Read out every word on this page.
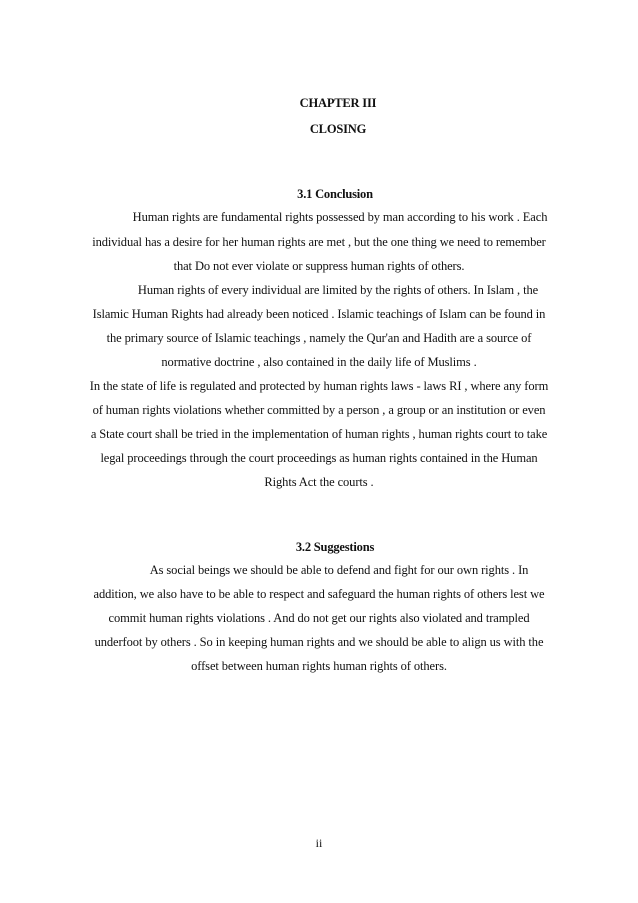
CHAPTER III
CLOSING
3.1 Conclusion
Human rights are fundamental rights possessed by man according to his work . Each
individual has a desire for her human rights are met , but the one thing we need to remember
that Do not ever violate or suppress human rights of others.
Human rights of every individual are limited by the rights of others. In Islam , the
Islamic Human Rights had already been noticed . Islamic teachings of Islam can be found in
the primary source of Islamic teachings , namely the Qur'an and Hadith are a source of
normative doctrine , also contained in the daily life of Muslims .
In the state of life is regulated and protected by human rights laws - laws RI , where any form
of human rights violations whether committed by a person , a group or an institution or even
a State court shall be tried in the implementation of human rights , human rights court to take
legal proceedings through the court proceedings as human rights contained in the Human
Rights Act the courts .
3.2 Suggestions
As social beings we should be able to defend and fight for our own rights . In
addition, we also have to be able to respect and safeguard the human rights of others lest we
commit human rights violations . And do not get our rights also violated and trampled
underfoot by others . So in keeping human rights and we should be able to align us with the
offset between human rights human rights of others.
ii
